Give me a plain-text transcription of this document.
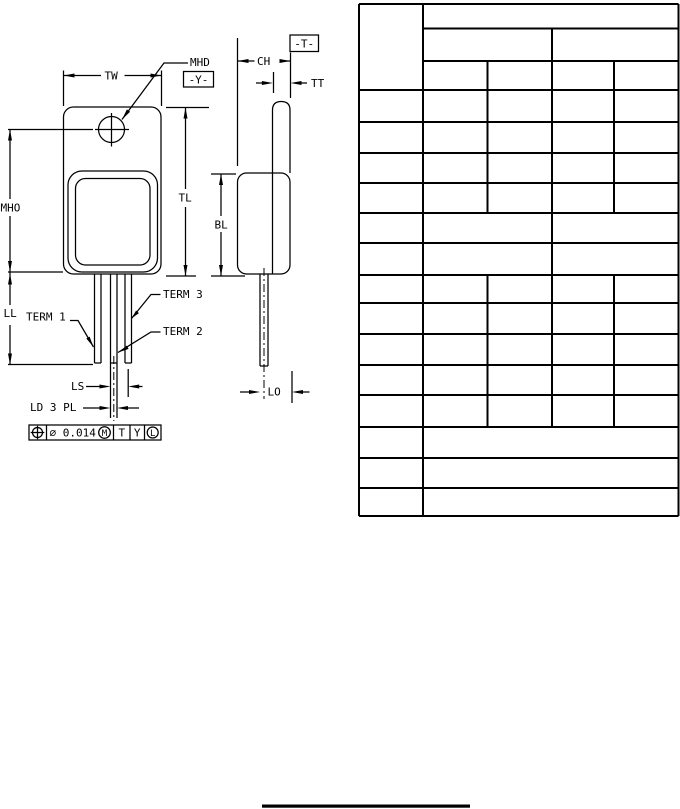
TW
MHD
-Y-
MHO
LL
TL
TERM 1
TERM 3
TERM 2
LS
LD 3 PL
∅ 0.014 M T Y L
CH
-T-
TT
BL
LO
